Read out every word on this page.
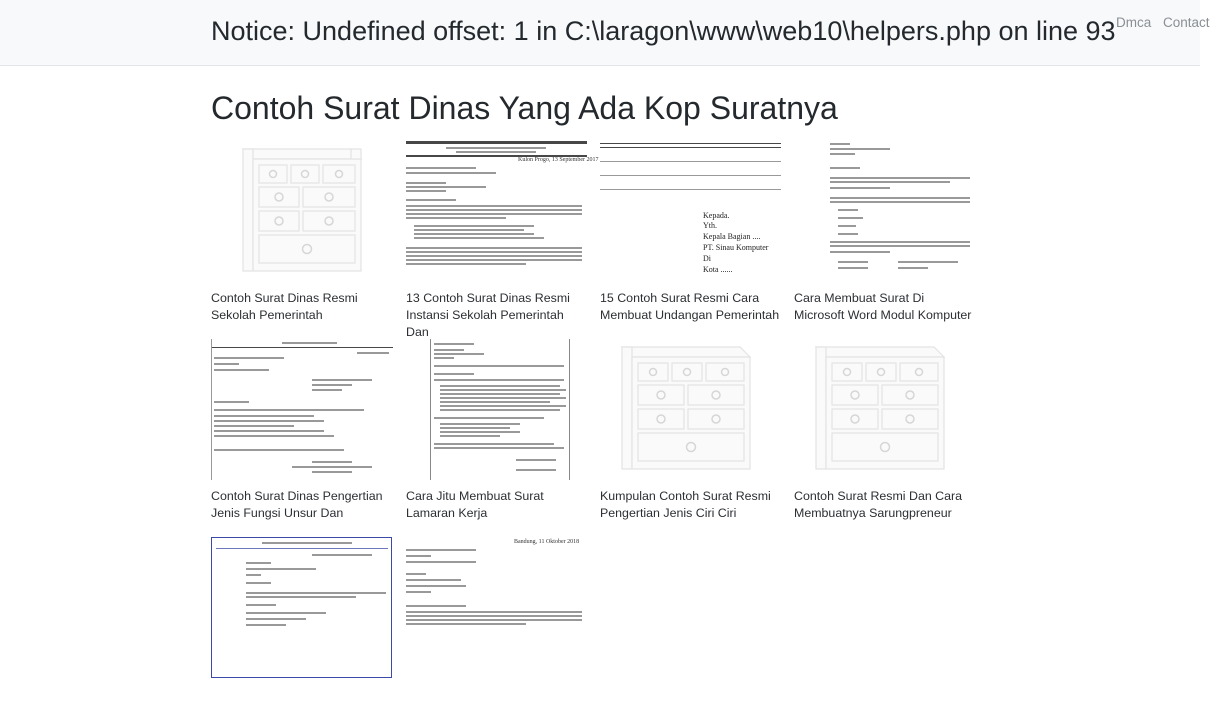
Notice: Undefined offset: 1 in C:\laragon\www\web10\helpers.php on line 93 Dmca Contact
Contoh Surat Dinas Yang Ada Kop Suratnya
Contoh Surat Dinas Resmi Sekolah Pemerintah
Kulon Progo, 13 September 2017
13 Contoh Surat Dinas Resmi Instansi Sekolah Pemerintah Dan
Kepada.
Yth.
Kepala Bagian ....
PT. Sinau Komputer
Di
Kota ......
15 Contoh Surat Resmi Cara Membuat Undangan Pemerintah
Cara Membuat Surat Di Microsoft Word Modul Komputer
Contoh Surat Dinas Pengertian Jenis Fungsi Unsur Dan
Cara Jitu Membuat Surat Lamaran Kerja
Kumpulan Contoh Surat Resmi Pengertian Jenis Ciri Ciri
Contoh Surat Resmi Dan Cara Membuatnya Sarungpreneur
Bandung, 11 Oktober 2018
